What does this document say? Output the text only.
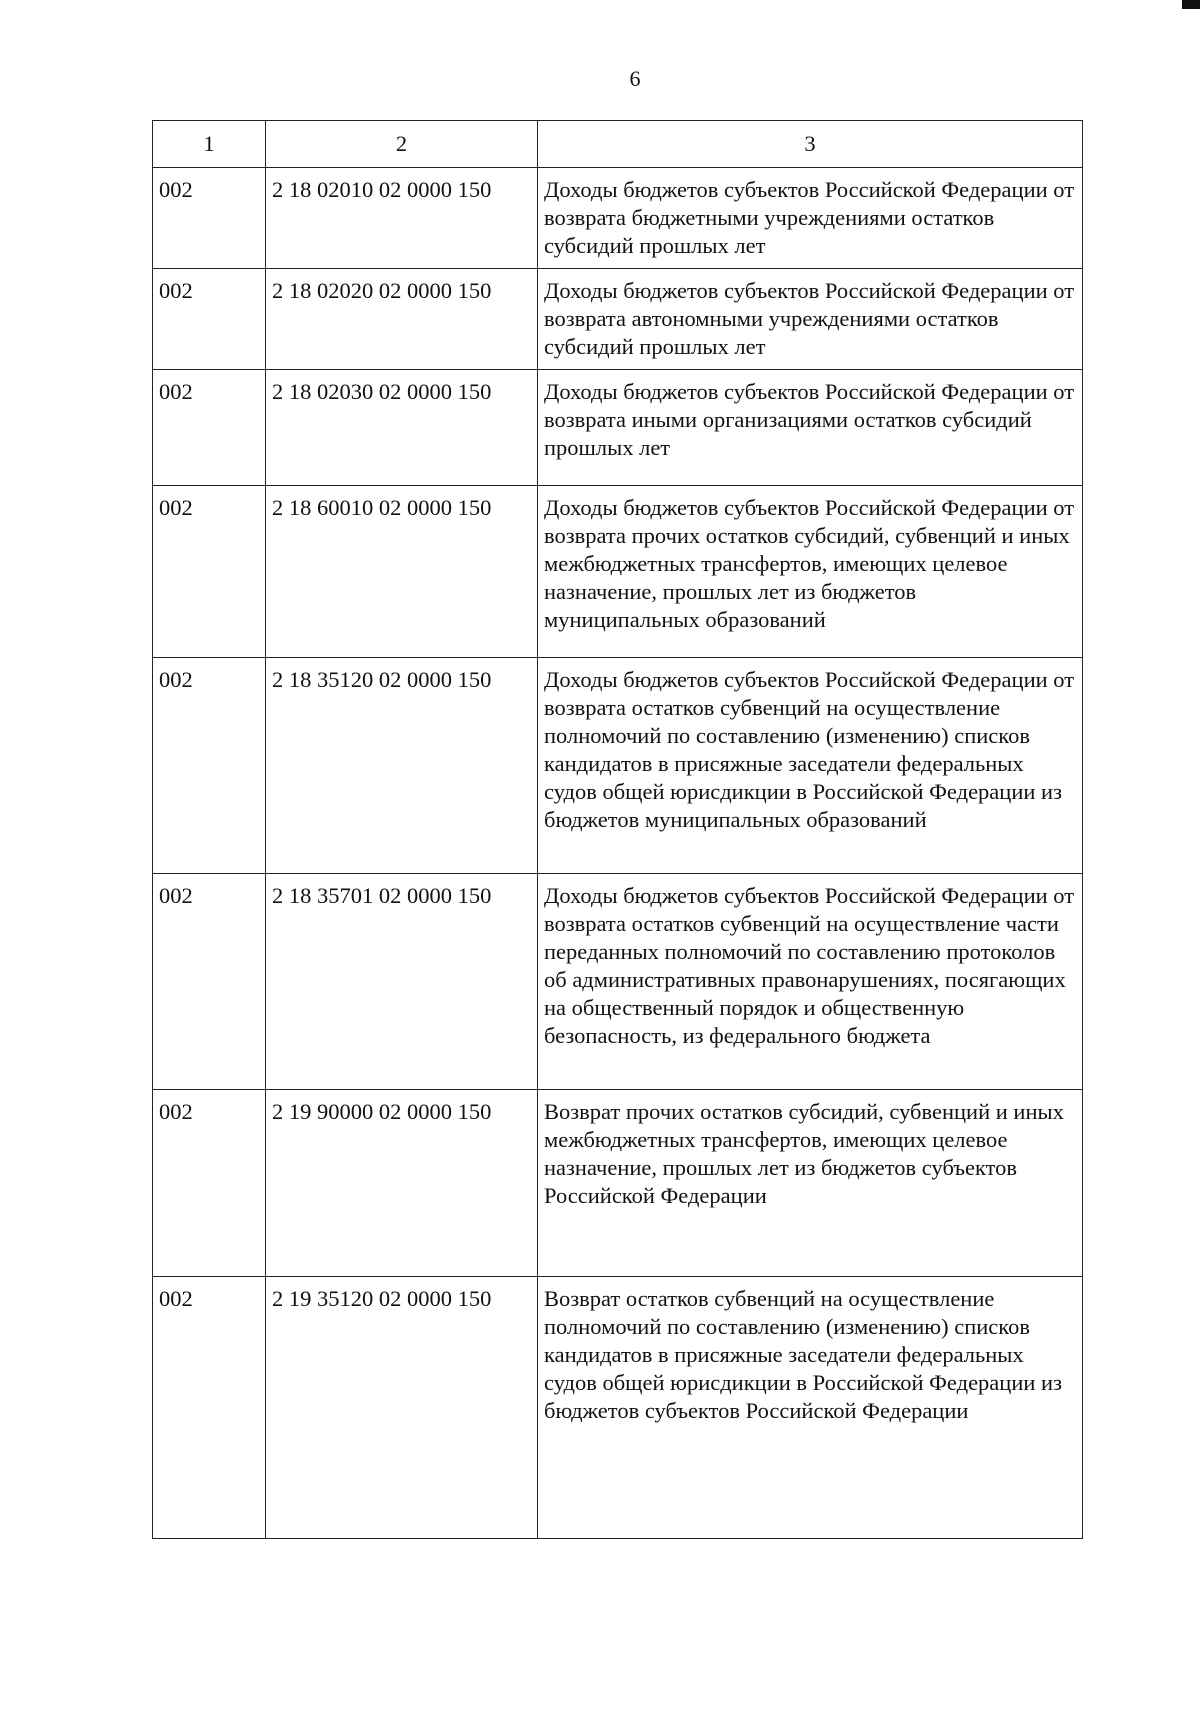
6
1	2	3
002	2 18 02010 02 0000 150	Доходы бюджетов субъектов Российской Федерации от возврата бюджетными учреждениями остатков субсидий прошлых лет
002	2 18 02020 02 0000 150	Доходы бюджетов субъектов Российской Федерации от возврата автономными учреждениями остатков субсидий прошлых лет
002	2 18 02030 02 0000 150	Доходы бюджетов субъектов Российской Федерации от возврата иными организациями остатков субсидий прошлых лет
002	2 18 60010 02 0000 150	Доходы бюджетов субъектов Российской Федерации от возврата прочих остатков субсидий, субвенций и иных межбюджетных трансфертов, имеющих целевое назначение, прошлых лет из бюджетов муниципальных образований
002	2 18 35120 02 0000 150	Доходы бюджетов субъектов Российской Федерации от возврата остатков субвенций на осуществление полномочий по составлению (изменению) списков кандидатов в присяжные заседатели федеральных судов общей юрисдикции в Российской Федерации из бюджетов муниципальных образований
002	2 18 35701 02 0000 150	Доходы бюджетов субъектов Российской Федерации от возврата остатков субвенций на осуществление части переданных полномочий по составлению протоколов об административных правонарушениях, посягающих на общественный порядок и общественную безопасность, из федерального бюджета
002	2 19 90000 02 0000 150	Возврат прочих остатков субсидий, субвенций и иных межбюджетных трансфертов, имеющих целевое назначение, прошлых лет из бюджетов субъектов Российской Федерации
002	2 19 35120 02 0000 150	Возврат остатков субвенций на осуществление полномочий по составлению (изменению) списков кандидатов в присяжные заседатели федеральных судов общей юрисдикции в Российской Федерации из бюджетов субъектов Российской Федерации
